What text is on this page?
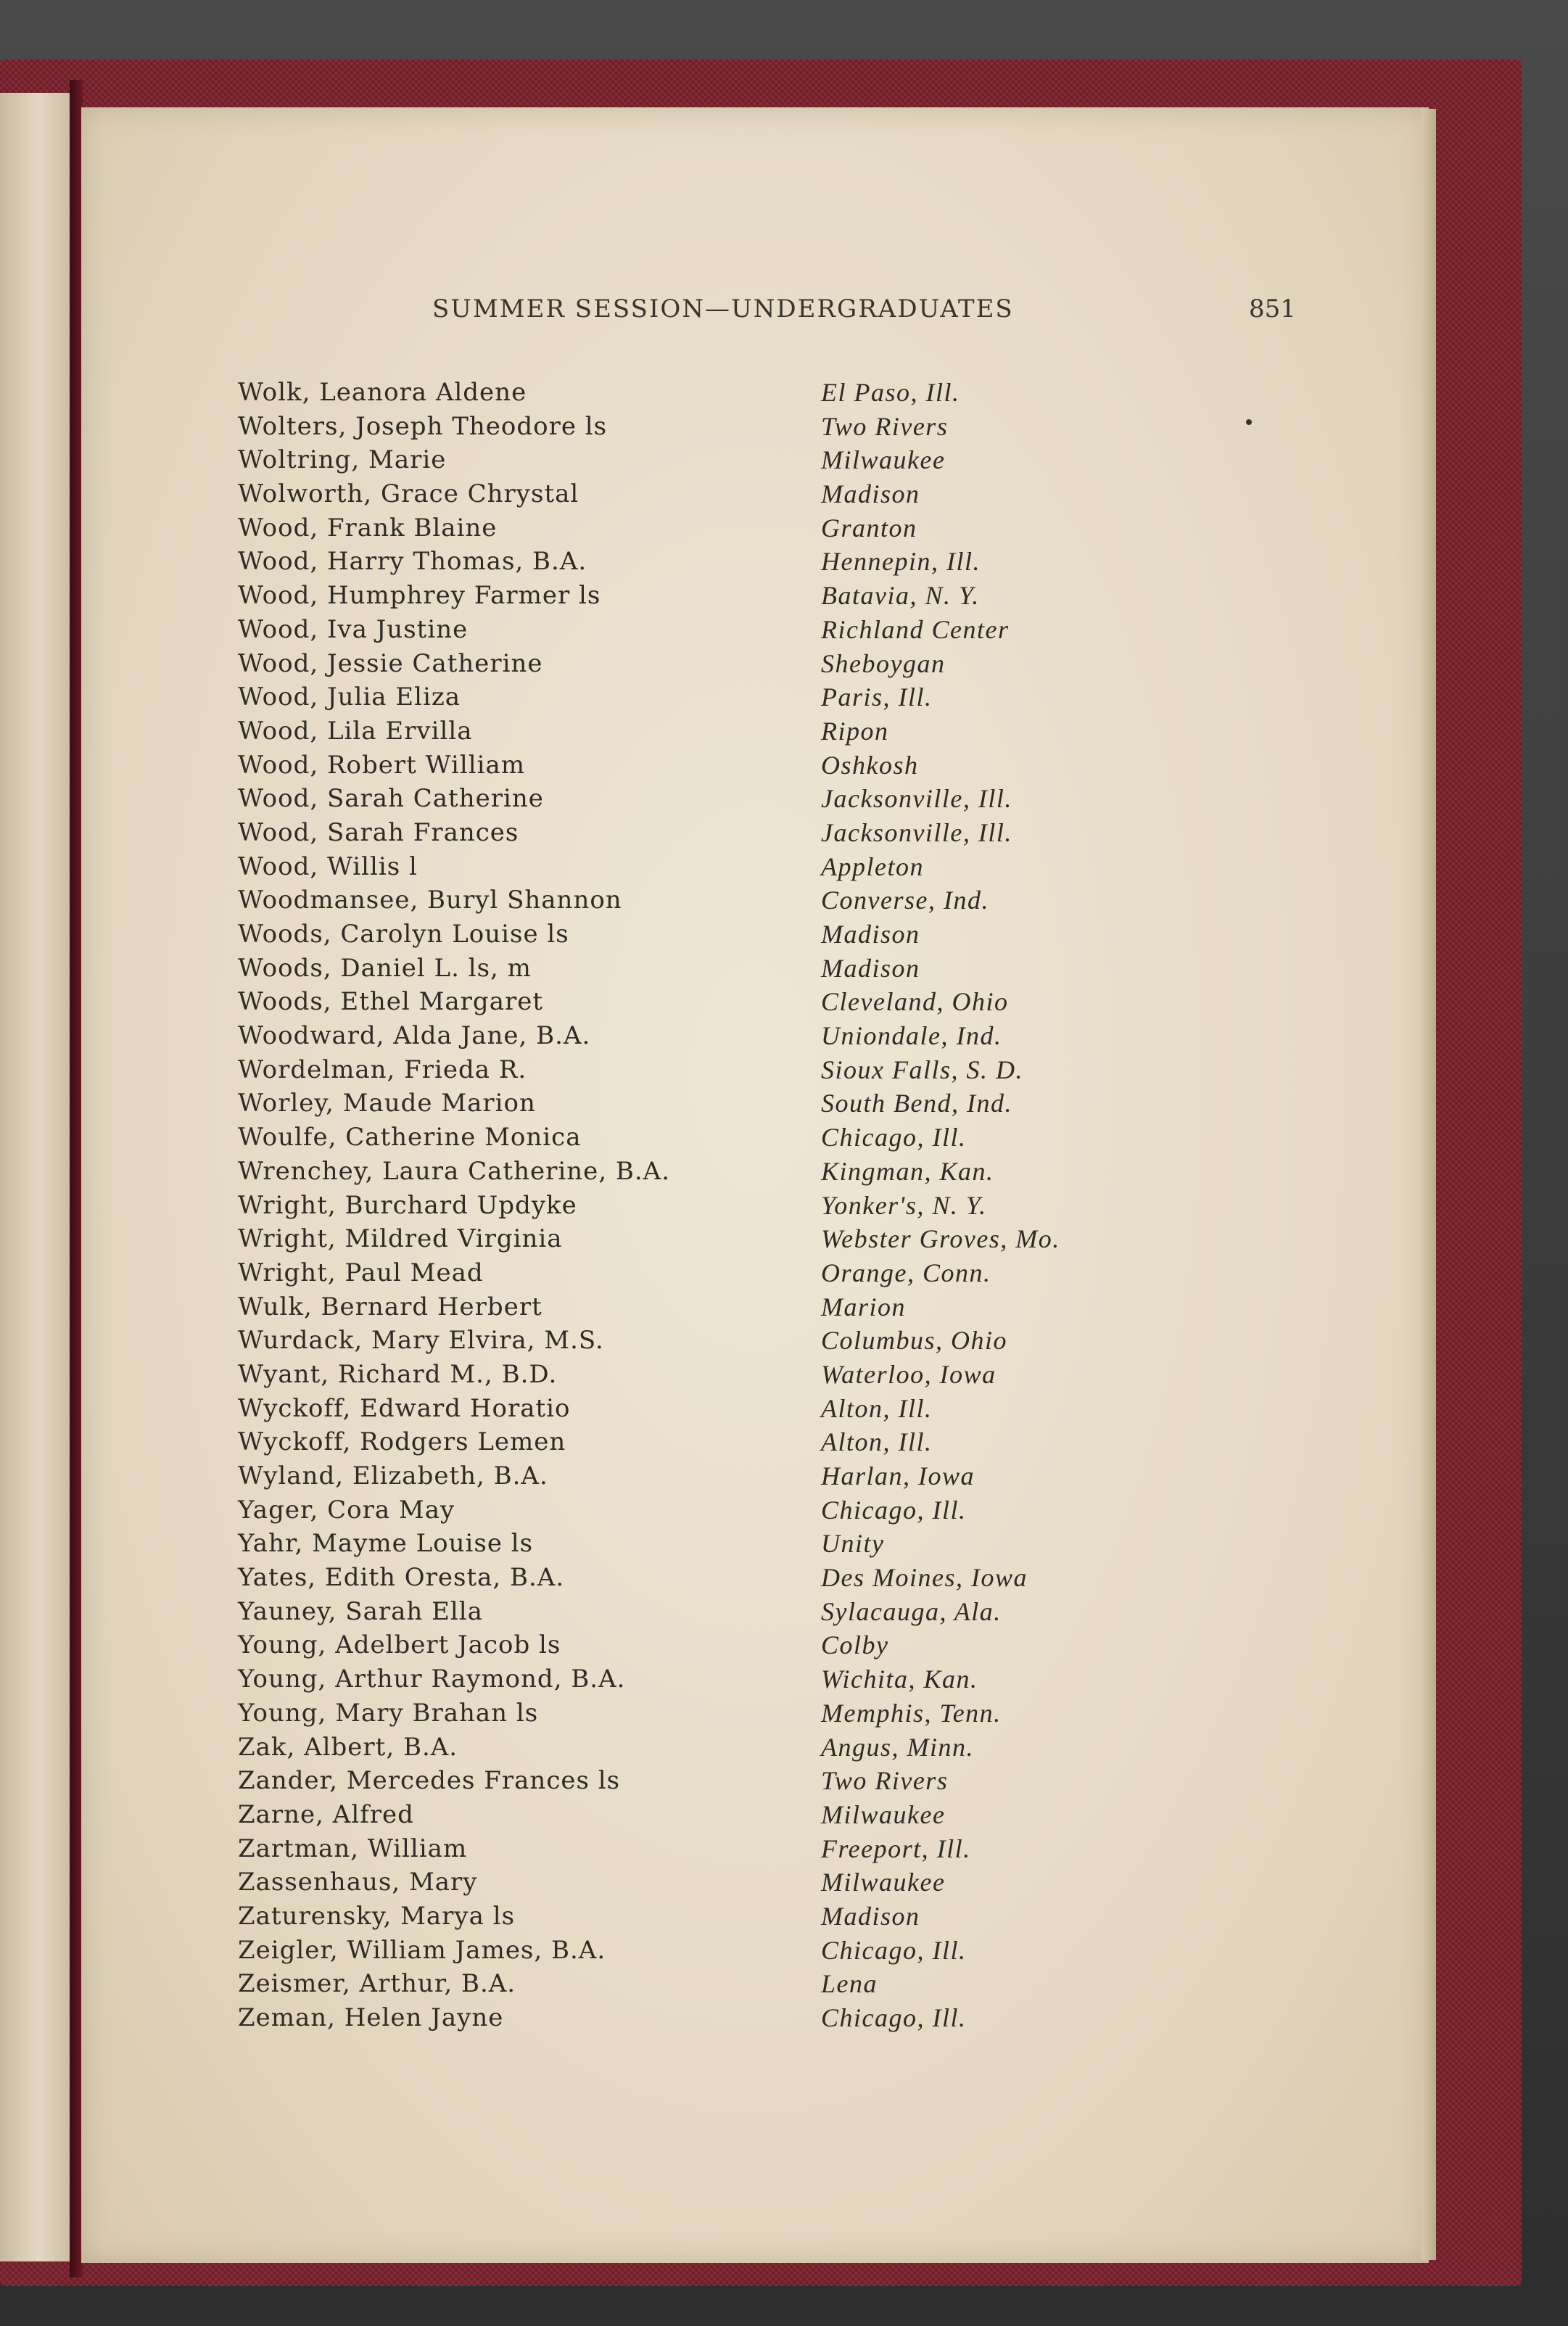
SUMMER SESSION—UNDERGRADUATES	851
Wolk, Leanora Aldene	El Paso, Ill.
Wolters, Joseph Theodore ls	Two Rivers
Woltring, Marie	Milwaukee
Wolworth, Grace Chrystal	Madison
Wood, Frank Blaine	Granton
Wood, Harry Thomas, B.A.	Hennepin, Ill.
Wood, Humphrey Farmer ls	Batavia, N. Y.
Wood, Iva Justine	Richland Center
Wood, Jessie Catherine	Sheboygan
Wood, Julia Eliza	Paris, Ill.
Wood, Lila Ervilla	Ripon
Wood, Robert William	Oshkosh
Wood, Sarah Catherine	Jacksonville, Ill.
Wood, Sarah Frances	Jacksonville, Ill.
Wood, Willis l	Appleton
Woodmansee, Buryl Shannon	Converse, Ind.
Woods, Carolyn Louise ls	Madison
Woods, Daniel L. ls, m	Madison
Woods, Ethel Margaret	Cleveland, Ohio
Woodward, Alda Jane, B.A.	Uniondale, Ind.
Wordelman, Frieda R.	Sioux Falls, S. D.
Worley, Maude Marion	South Bend, Ind.
Woulfe, Catherine Monica	Chicago, Ill.
Wrenchey, Laura Catherine, B.A.	Kingman, Kan.
Wright, Burchard Updyke	Yonker's, N. Y.
Wright, Mildred Virginia	Webster Groves, Mo.
Wright, Paul Mead	Orange, Conn.
Wulk, Bernard Herbert	Marion
Wurdack, Mary Elvira, M.S.	Columbus, Ohio
Wyant, Richard M., B.D.	Waterloo, Iowa
Wyckoff, Edward Horatio	Alton, Ill.
Wyckoff, Rodgers Lemen	Alton, Ill.
Wyland, Elizabeth, B.A.	Harlan, Iowa
Yager, Cora May	Chicago, Ill.
Yahr, Mayme Louise ls	Unity
Yates, Edith Oresta, B.A.	Des Moines, Iowa
Yauney, Sarah Ella	Sylacauga, Ala.
Young, Adelbert Jacob ls	Colby
Young, Arthur Raymond, B.A.	Wichita, Kan.
Young, Mary Brahan ls	Memphis, Tenn.
Zak, Albert, B.A.	Angus, Minn.
Zander, Mercedes Frances ls	Two Rivers
Zarne, Alfred	Milwaukee
Zartman, William	Freeport, Ill.
Zassenhaus, Mary	Milwaukee
Zaturensky, Marya ls	Madison
Zeigler, William James, B.A.	Chicago, Ill.
Zeismer, Arthur, B.A.	Lena
Zeman, Helen Jayne	Chicago, Ill.
